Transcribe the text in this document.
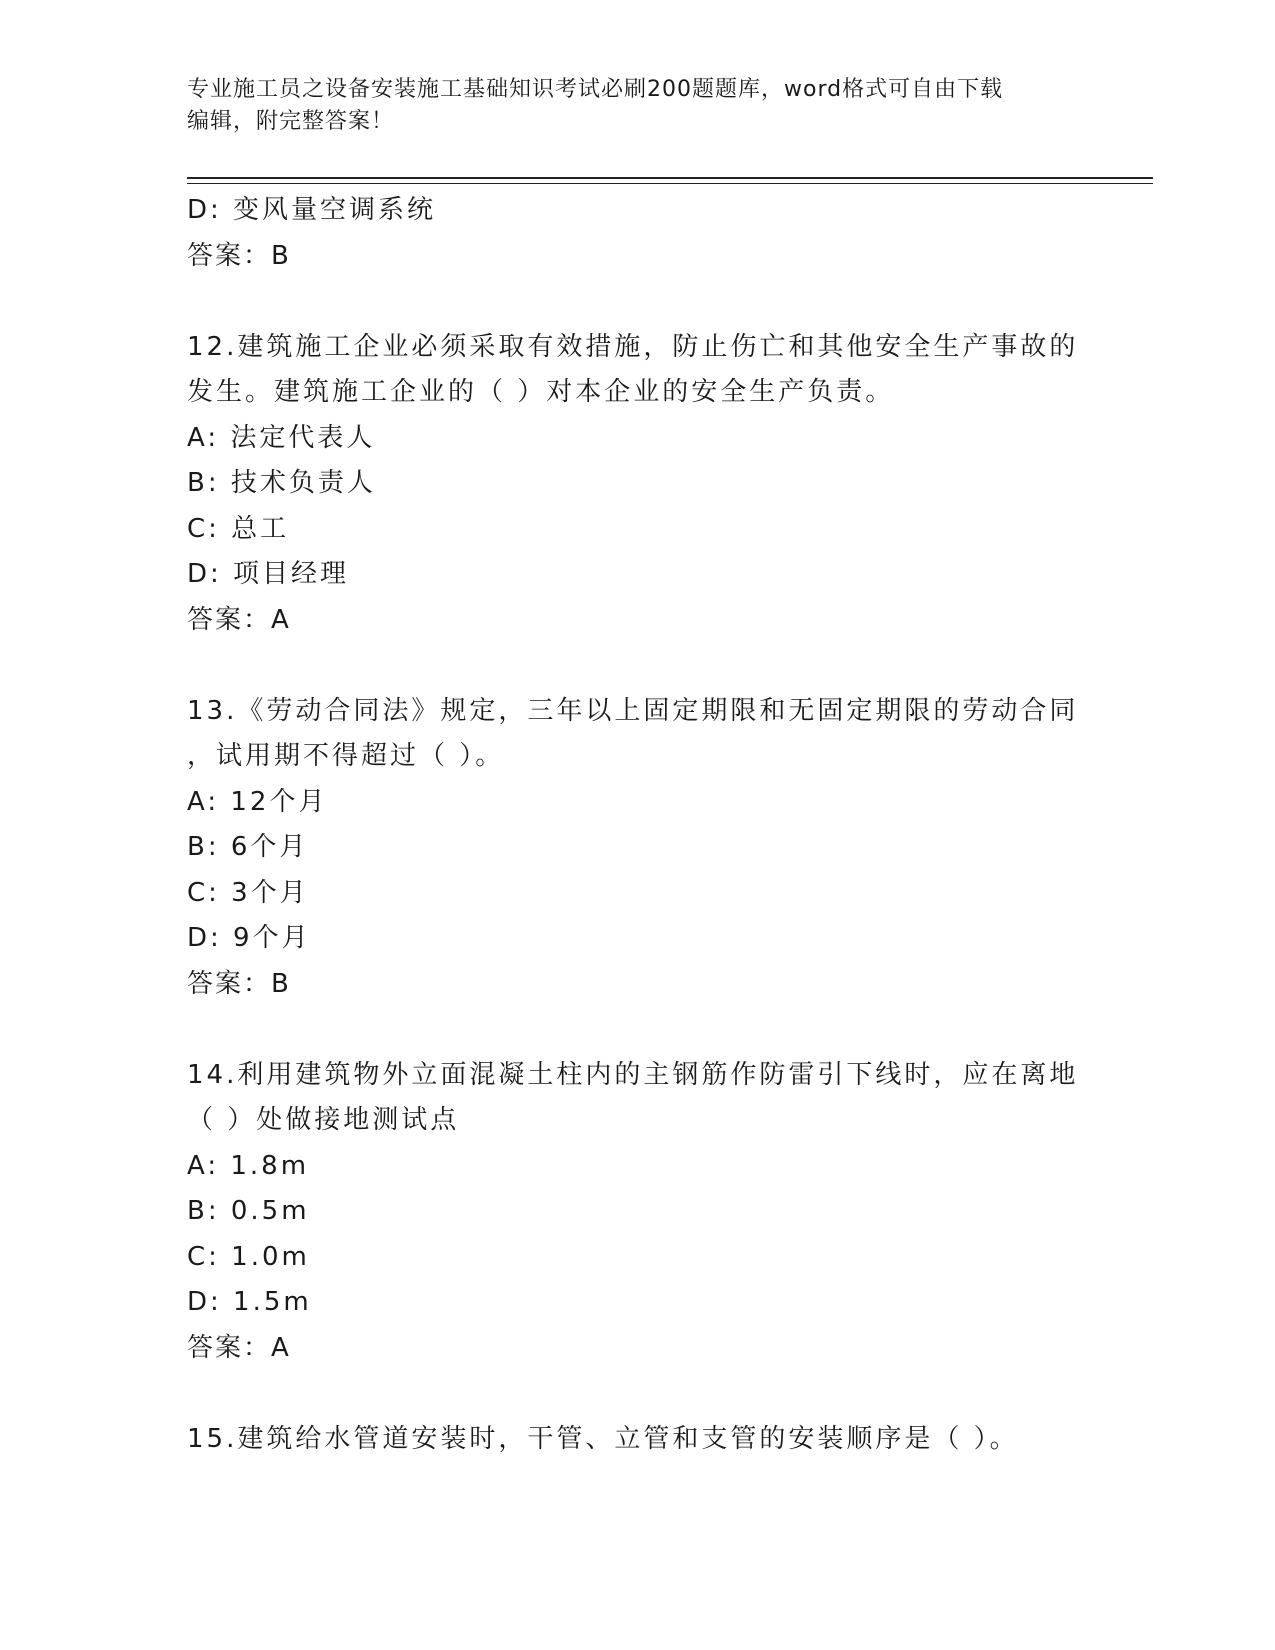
专业施工员之设备安装施工基础知识考试必刷200题题库，word格式可自由下载
编辑，附完整答案！
D: 变风量空调系统
答案：B
12.建筑施工企业必须采取有效措施，防止伤亡和其他安全生产事故的
发生。建筑施工企业的（ ）对本企业的安全生产负责。
A: 法定代表人
B: 技术负责人
C: 总工
D: 项目经理
答案：A
13.《劳动合同法》规定，三年以上固定期限和无固定期限的劳动合同
，试用期不得超过（ ）。
A: 12个月
B: 6个月
C: 3个月
D: 9个月
答案：B
14.利用建筑物外立面混凝土柱内的主钢筋作防雷引下线时，应在离地
（ ）处做接地测试点
A: 1.8m
B: 0.5m
C: 1.0m
D: 1.5m
答案：A
15.建筑给水管道安装时，干管、立管和支管的安装顺序是（ ）。
